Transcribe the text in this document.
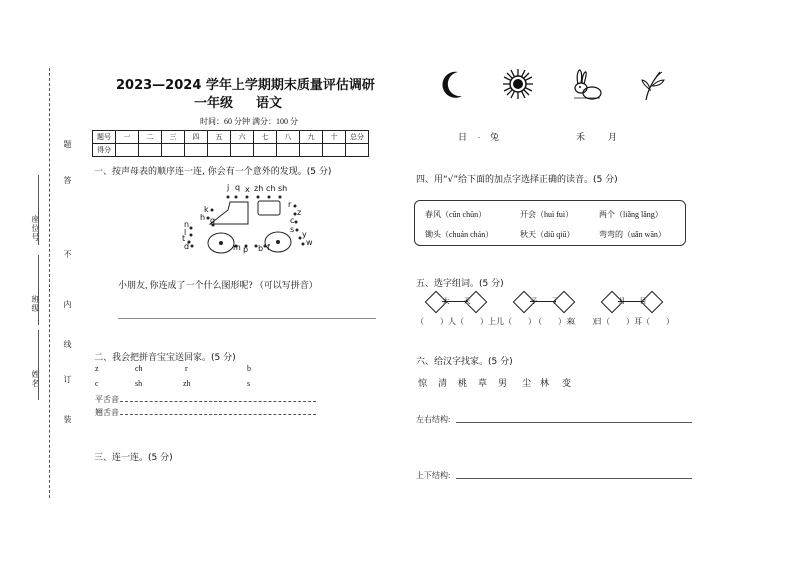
座位号
班级
姓名
题
答
不
内
线
订
装
2023—2024 学年上学期期末质量评估调研
一年级 语文
时间：60 分钟 满分：100 分
题号	一	二	三	四	五	六	七	八	九	十	总分
得分											
一、按声母表的顺序连一连, 你会有一个意外的发现。(5 分)
j q x zh ch sh
k
h g
r
z
c
s
n
l
t
d	m p b f
y
w
小朋友, 你连成了一个什么图形呢? （可以写拼音）
二、我会把拼音宝宝送回家。(5 分)
z	ch	r	b
c	sh	zh	s
平舌音
翘舌音
三、连一连。(5 分)
日 . 兔	禾	月
四、用“√”给下面的加点字选择正确的读音。(5 分)
春风（cūn chūn）	开会（huì fuì）	两个（liǎng lǎng）
锄头（chuán chán）	秋天（diū qiū）	弯弯的（uǎn wān）
五、选字组词。(5 分)
大	天	子	了	月	目
（　　）人 （　　）上 儿（　　）
（　　）来
（　　）
日（　　） 耳（　　）
六、给汉字找家。(5 分)
惊 清 桃 草 男 尘 林 变
左右结构:
上下结构:
